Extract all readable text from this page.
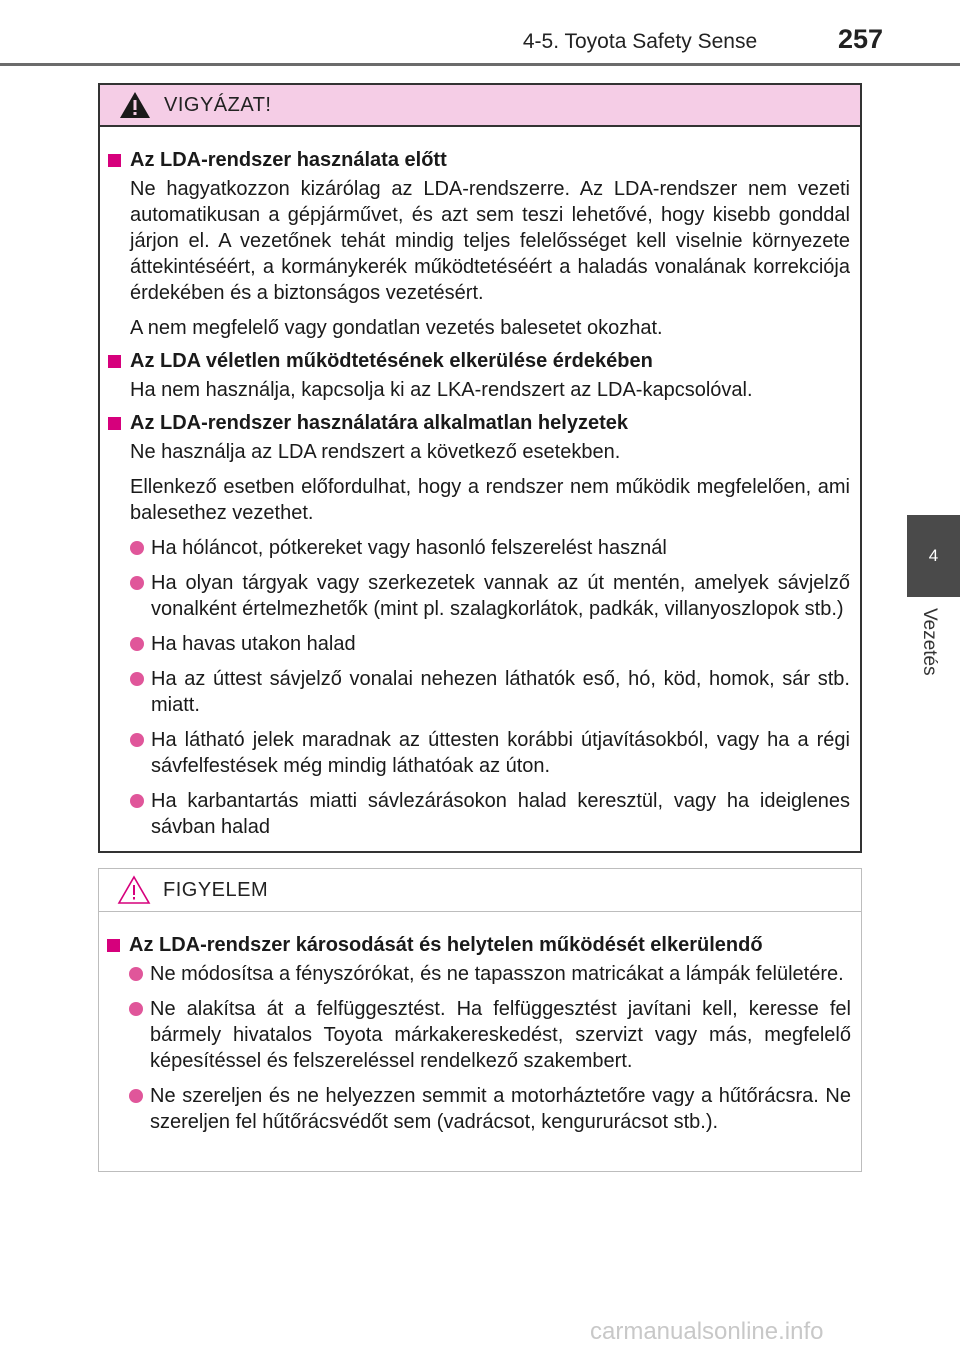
4-5. Toyota Safety Sense	257
4
Vezetés
VIGYÁZAT!
Az LDA-rendszer használata előtt

Ne hagyatkozzon kizárólag az LDA-rendszerre. Az LDA-rendszer nem vezeti automatikusan a gépjárművet, és azt sem teszi lehetővé, hogy kisebb gonddal járjon el. A vezetőnek tehát mindig teljes felelősséget kell viselnie környezete áttekintéséért, a kormánykerék működtetéséért a haladás vonalának korrekciója érdekében és a biztonságos vezetésért.

A nem megfelelő vagy gondatlan vezetés balesetet okozhat.

Az LDA véletlen működtetésének elkerülése érdekében

Ha nem használja, kapcsolja ki az LKA-rendszert az LDA-kapcsolóval.

Az LDA-rendszer használatára alkalmatlan helyzetek

Ne használja az LDA rendszert a következő esetekben.

Ellenkező esetben előfordulhat, hogy a rendszer nem működik megfelelően, ami balesethez vezethet.

Ha hóláncot, pótkereket vagy hasonló felszerelést használ
Ha olyan tárgyak vagy szerkezetek vannak az út mentén, amelyek sávjelző vonalként értelmezhetők (mint pl. szalagkorlátok, padkák, villanyoszlopok stb.)
Ha havas utakon halad
Ha az úttest sávjelző vonalai nehezen láthatók eső, hó, köd, homok, sár stb. miatt.
Ha látható jelek maradnak az úttesten korábbi útjavításokból, vagy ha a régi sávfelfestések még mindig láthatóak az úton.
Ha karbantartás miatti sávlezárásokon halad keresztül, vagy ha ideiglenes sávban halad
FIGYELEM
Az LDA-rendszer károsodását és helytelen működését elkerülendő
Ne módosítsa a fényszórókat, és ne tapasszon matricákat a lámpák felületére.
Ne alakítsa át a felfüggesztést. Ha felfüggesztést javítani kell, keresse fel bármely hivatalos Toyota márkakereskedést, szervizt vagy más, megfelelő képesítéssel és felszereléssel rendelkező szakembert.
Ne szereljen és ne helyezzen semmit a motorháztetőre vagy a hűtőrácsra. Ne szereljen fel hűtőrácsvédőt sem (vadrácsot, kengururácsot stb.).
carmanualsonline.info
